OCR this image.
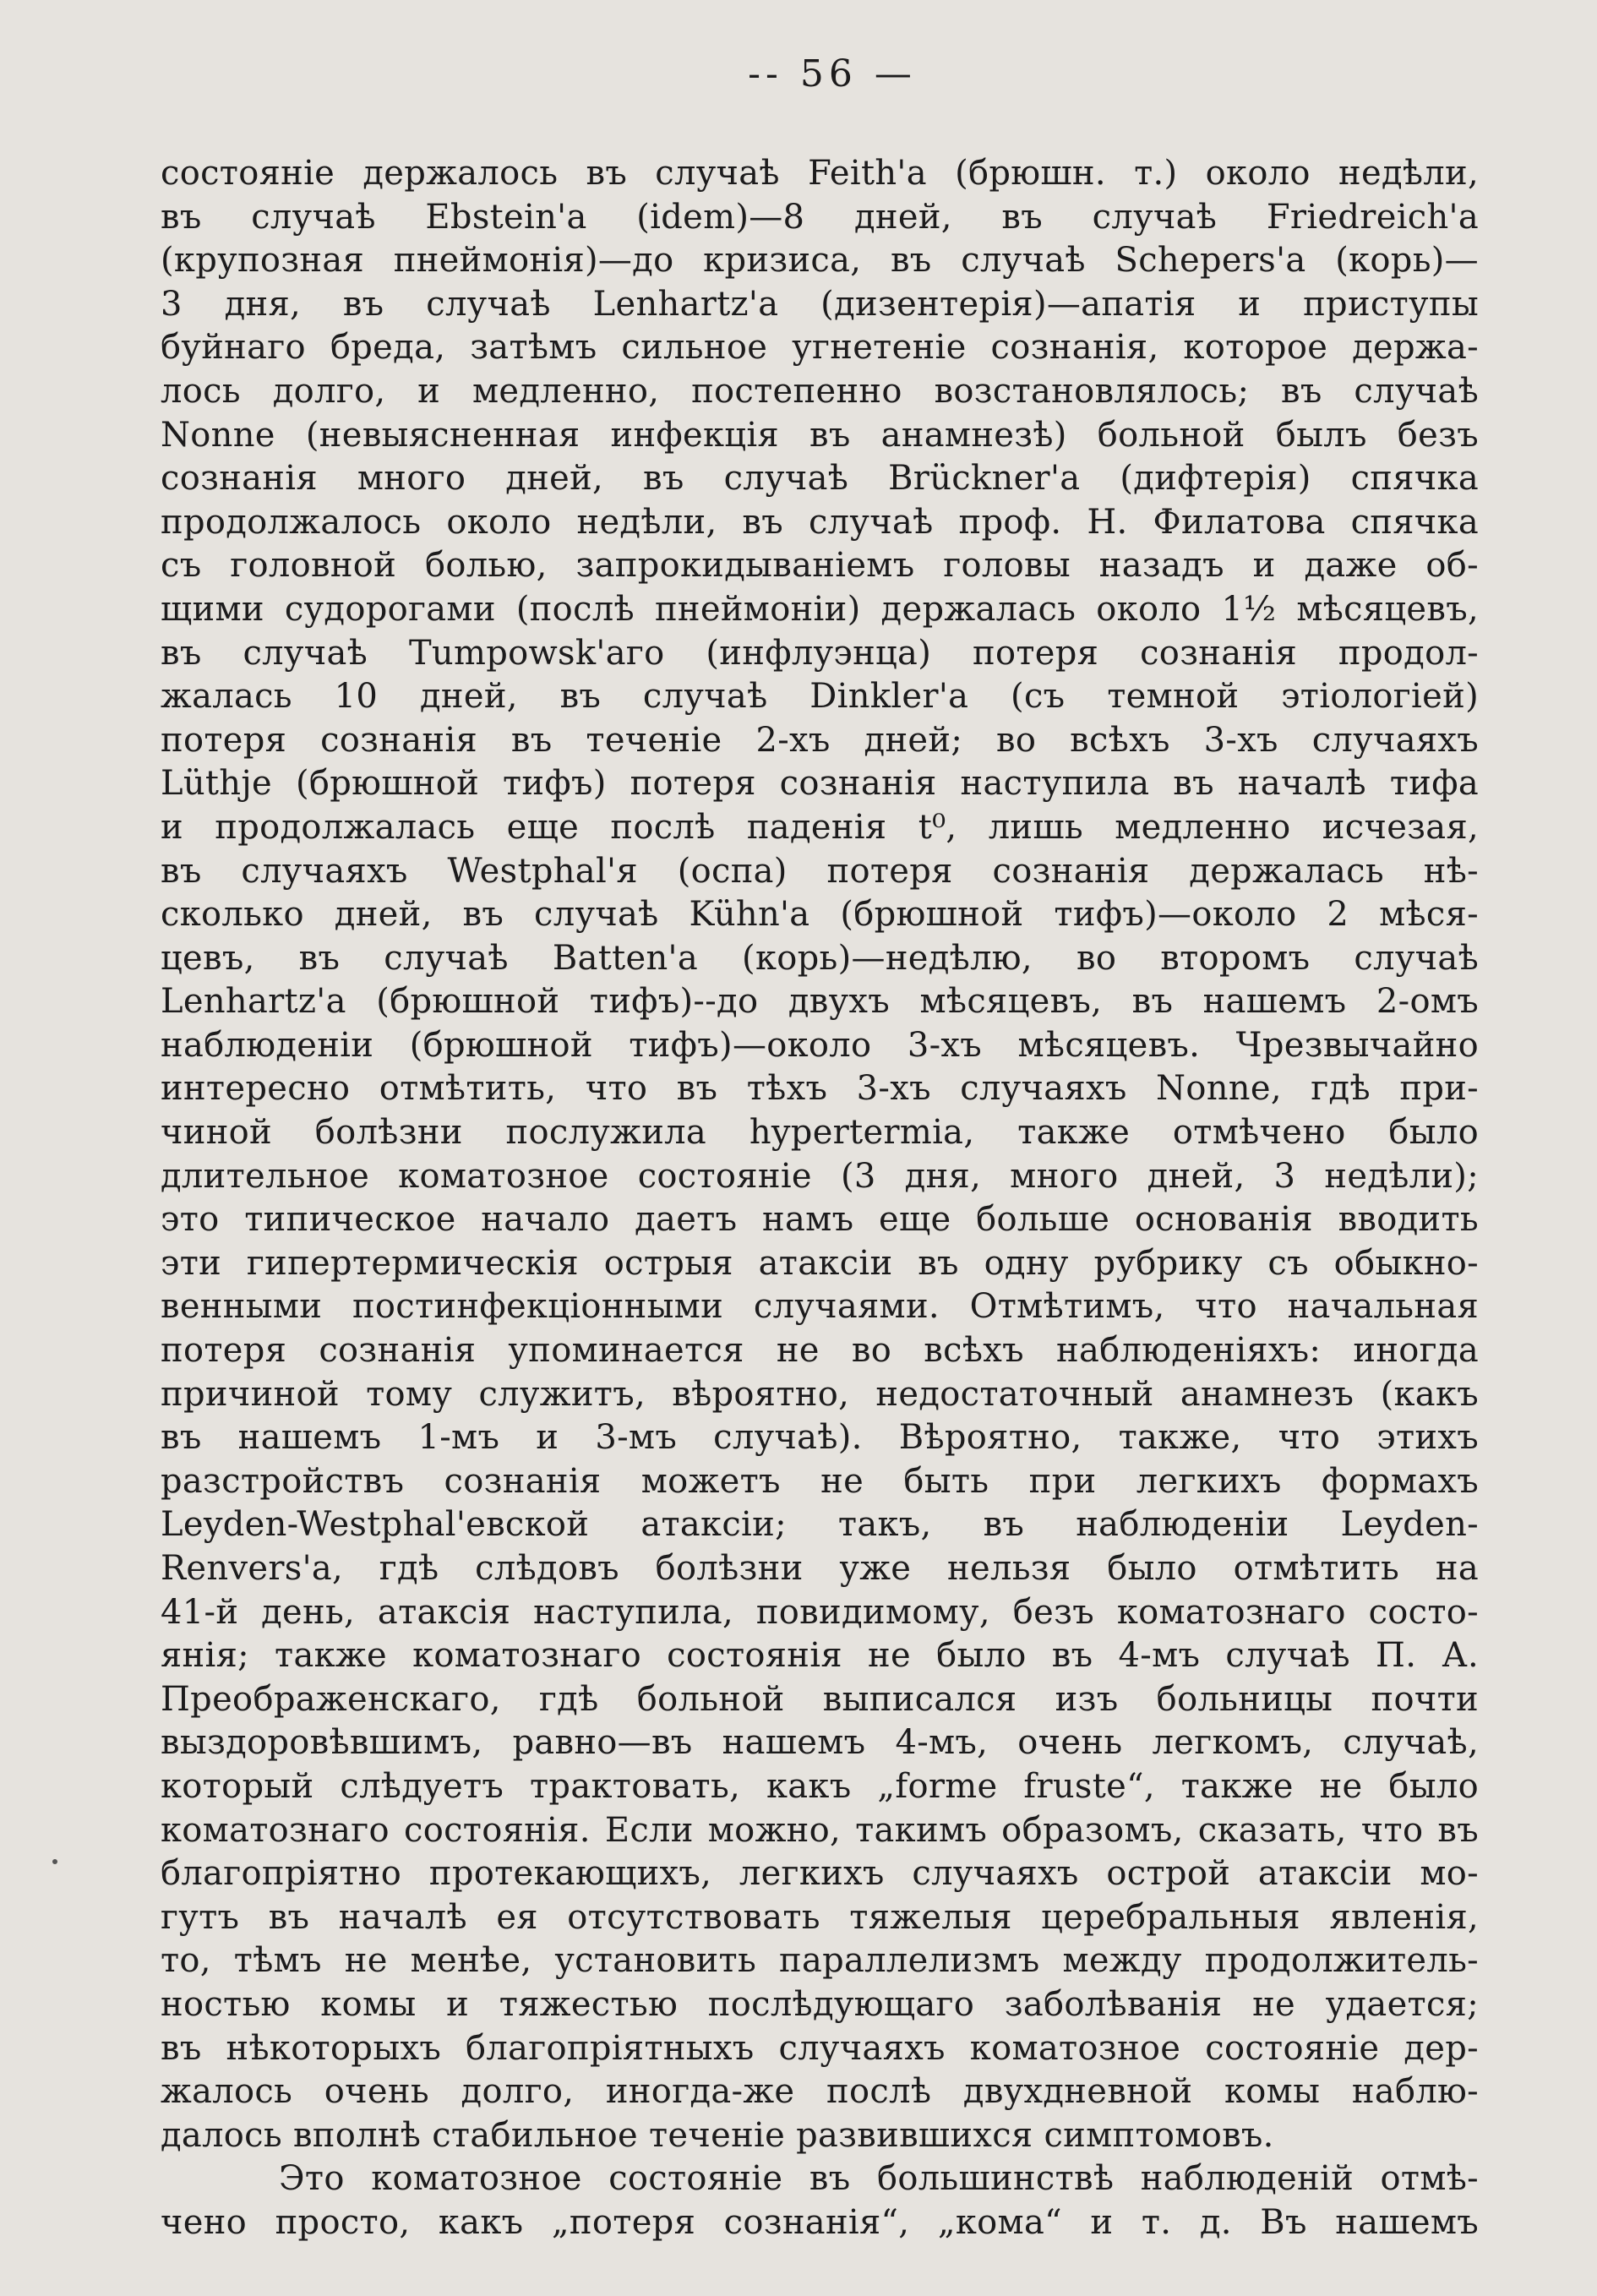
-- 56 —
состояніе держалось въ случаѣ Feith'а (брюшн. т.) около недѣли,
въ случаѣ Ebstein'а (idem)—8 дней, въ случаѣ Friedreich'а
(крупозная пнеймонія)—до кризиса, въ случаѣ Schepers'а (корь)—
3 дня, въ случаѣ Lenhartz'а (дизентерія)—апатія и приступы
буйнаго бреда, затѣмъ сильное угнетеніе сознанія, которое держа-
лось долго, и медленно, постепенно возстановлялось; въ случаѣ
Nonne (невыясненная инфекція въ анамнезѣ) больной былъ безъ
сознанія много дней, въ случаѣ Brückner'а (дифтерія) спячка
продолжалось около недѣли, въ случаѣ проф. Н. Филатова спячка
съ головной болью, запрокидываніемъ головы назадъ и даже об-
щими судорогами (послѣ пнеймоніи) держалась около 1½ мѣсяцевъ,
въ случаѣ Tumpowsk'аго (инфлуэнца) потеря сознанія продол-
жалась 10 дней, въ случаѣ Dinkler'а (съ темной этіологіей)
потеря сознанія въ теченіе 2-хъ дней; во всѣхъ 3-хъ случаяхъ
Lüthje (брюшной тифъ) потеря сознанія наступила въ началѣ тифа
и продолжалась еще послѣ паденія t⁰, лишь медленно исчезая,
въ случаяхъ Westphal'я (оспа) потеря сознанія держалась нѣ-
сколько дней, въ случаѣ Kühn'а (брюшной тифъ)—около 2 мѣся-
цевъ, въ случаѣ Batten'а (корь)—недѣлю, во второмъ случаѣ
Lenhartz'а (брюшной тифъ)--до двухъ мѣсяцевъ, въ нашемъ 2-омъ
наблюденіи (брюшной тифъ)—около 3-хъ мѣсяцевъ. Чрезвычайно
интересно отмѣтить, что въ тѣхъ 3-хъ случаяхъ Nonne, гдѣ при-
чиной болѣзни послужила hypertermia, также отмѣчено было
длительное коматозное состояніе (3 дня, много дней, 3 недѣли);
это типическое начало даетъ намъ еще больше основанія вводить
эти гипертермическія острыя атаксіи въ одну рубрику съ обыкно-
венными постинфекціонными случаями. Отмѣтимъ, что начальная
потеря сознанія упоминается не во всѣхъ наблюденіяхъ: иногда
причиной тому служитъ, вѣроятно, недостаточный анамнезъ (какъ
въ нашемъ 1-мъ и 3-мъ случаѣ). Вѣроятно, также, что этихъ
разстройствъ сознанія можетъ не быть при легкихъ формахъ
Leyden-Westphal'евской атаксіи; такъ, въ наблюденіи Leyden-
Renvers'а, гдѣ слѣдовъ болѣзни уже нельзя было отмѣтить на
41-й день, атаксія наступила, повидимому, безъ коматознаго состо-
янія; также коматознаго состоянія не было въ 4-мъ случаѣ П. А.
Преображенскаго, гдѣ больной выписался изъ больницы почти
выздоровѣвшимъ, равно—въ нашемъ 4-мъ, очень легкомъ, случаѣ,
который слѣдуетъ трактовать, какъ „forme fruste“, также не было
коматознаго состоянія. Если можно, такимъ образомъ, сказать, что въ
благопріятно протекающихъ, легкихъ случаяхъ острой атаксіи мо-
гутъ въ началѣ ея отсутствовать тяжелыя церебральныя явленія,
то, тѣмъ не менѣе, установить параллелизмъ между продолжитель-
ностью комы и тяжестью послѣдующаго заболѣванія не удается;
въ нѣкоторыхъ благопріятныхъ случаяхъ коматозное состояніе дер-
жалось очень долго, иногда-же послѣ двухдневной комы наблю-
далось вполнѣ стабильное теченіе развившихся симптомовъ.
Это коматозное состояніе въ большинствѣ наблюденій отмѣ-
чено просто, какъ „потеря сознанія“, „кома“ и т. д. Въ нашемъ
